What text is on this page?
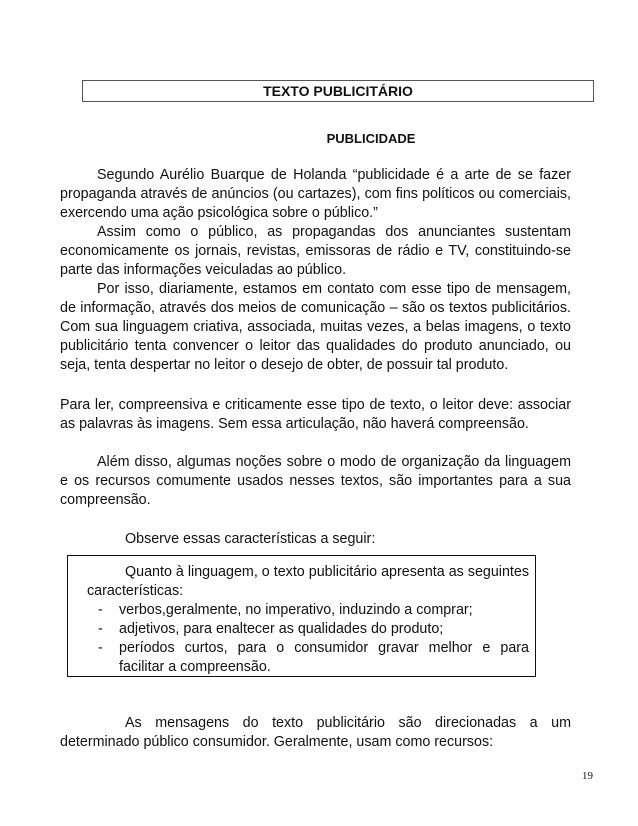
TEXTO PUBLICITÁRIO
PUBLICIDADE

Segundo Aurélio Buarque de Holanda “publicidade é a arte de se fazer propaganda através de anúncios (ou cartazes), com fins políticos ou comerciais, exercendo uma ação psicológica sobre o público.”

Assim como o público, as propagandas dos anunciantes sustentam economicamente os jornais, revistas, emissoras de rádio e TV, constituindo-se parte das informações veiculadas ao público.

Por isso, diariamente, estamos em contato com esse tipo de mensagem, de informação, através dos meios de comunicação – são os textos publicitários. Com sua linguagem criativa, associada, muitas vezes, a belas imagens, o texto publicitário tenta convencer o leitor das qualidades do produto anunciado, ou seja, tenta despertar no leitor o desejo de obter, de possuir tal produto.

Para ler, compreensiva e criticamente esse tipo de texto, o leitor deve: associar as palavras às imagens. Sem essa articulação, não haverá compreensão.

Além disso, algumas noções sobre o modo de organização da linguagem e os recursos comumente usados nesses textos, são importantes para a sua compreensão.

Observe essas características a seguir:

Quanto à linguagem, o texto publicitário apresenta as seguintes características:

- verbos,geralmente, no imperativo, induzindo a comprar;
- adjetivos, para enaltecer as qualidades do produto;
- períodos curtos, para o consumidor gravar melhor e para facilitar a compreensão.

As mensagens do texto publicitário são direcionadas a um determinado público consumidor. Geralmente, usam como recursos:

19
